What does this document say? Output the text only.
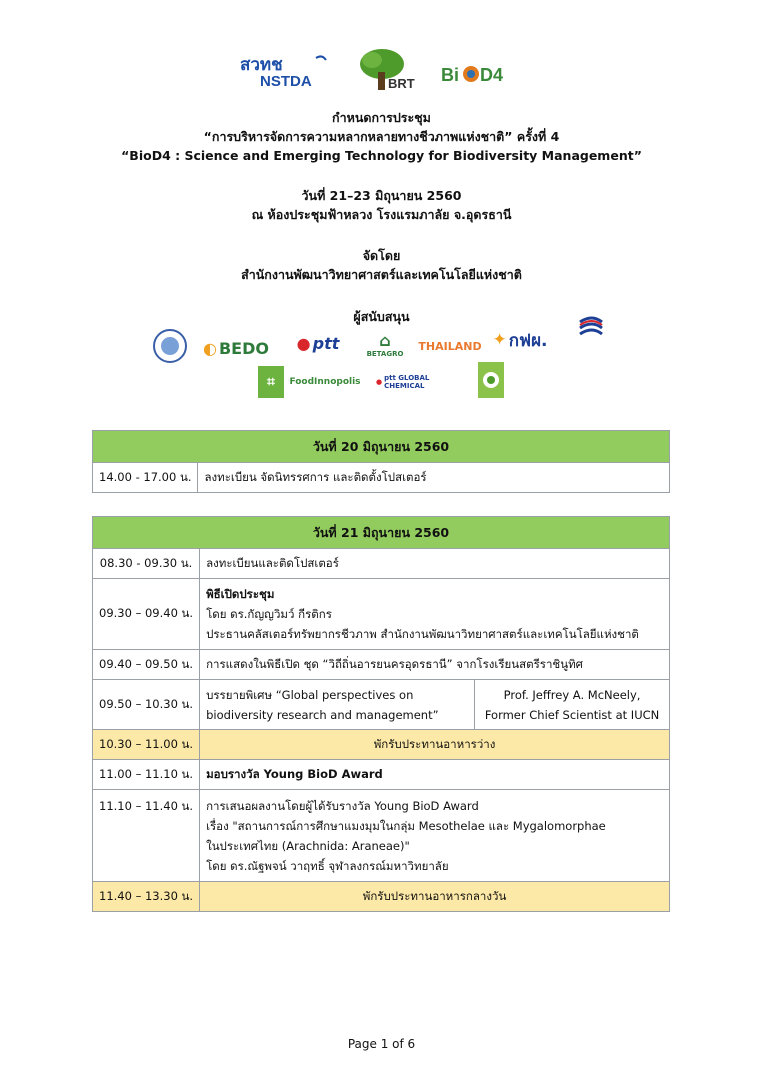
สวทช
NSTDA	BRT Bi D4
กำหนดการประชุม
“การบริหารจัดการความหลากหลายทางชีวภาพแห่งชาติ” ครั้งที่ 4
“BioD4 : Science and Emerging Technology for Biodiversity Management”
วันที่ 21–23 มิถุนายน 2560
ณ ห้องประชุมฟ้าหลวง โรงแรมภาลัย จ.อุดรธานี
จัดโดย
สำนักงานพัฒนาวิทยาศาสตร์และเทคโนโลยีแห่งชาติ
ผู้สนับสนุน
◐ BEDO ● ptt ⌂
BETAGRO
THAILAND ✦ กฟผ.
⌗ FoodInnopolis ● ptt GLOBAL CHEMICAL
วันที่ 20 มิถุนายน 2560
14.00 - 17.00 น.	ลงทะเบียน จัดนิทรรศการ และติดตั้งโปสเตอร์
วันที่ 21 มิถุนายน 2560		
08.30 - 09.30 น.	ลงทะเบียนและติดโปสเตอร์	
09.30 – 09.40 น.	พิธีเปิดประชุม
โดย ดร.กัญญวิมว์ กีรติกร
ประธานคลัสเตอร์ทรัพยากรชีวภาพ สำนักงานพัฒนาวิทยาศาสตร์และเทคโนโลยีแห่งชาติ	

09.40 – 09.50 น.	การแสดงในพิธีเปิด ชุด “วิถีถิ่นอารยนครอุดรธานี” จากโรงเรียนสตรีราชินูทิศ	
09.50 – 10.30 น.	บรรยายพิเศษ “Global perspectives on
biodiversity research and management”	Prof. Jeffrey A. McNeely,
Former Chief Scientist at IUCN

10.30 – 11.00 น.	พักรับประทานอาหารว่าง	
11.00 – 11.10 น.	มอบรางวัล Young BioD Award	
11.10 – 11.40 น.	การเสนอผลงานโดยผู้ได้รับรางวัล Young BioD Award
เรื่อง "สถานการณ์การศึกษาแมงมุมในกลุ่ม Mesothelae และ Mygalomorphae
ในประเทศไทย (Arachnida: Araneae)"
โดย ดร.ณัฐพจน์ วาฤทธิ์ จุฬาลงกรณ์มหาวิทยาลัย	

11.40 – 13.30 น.	พักรับประทานอาหารกลางวัน	
Page 1 of 6
